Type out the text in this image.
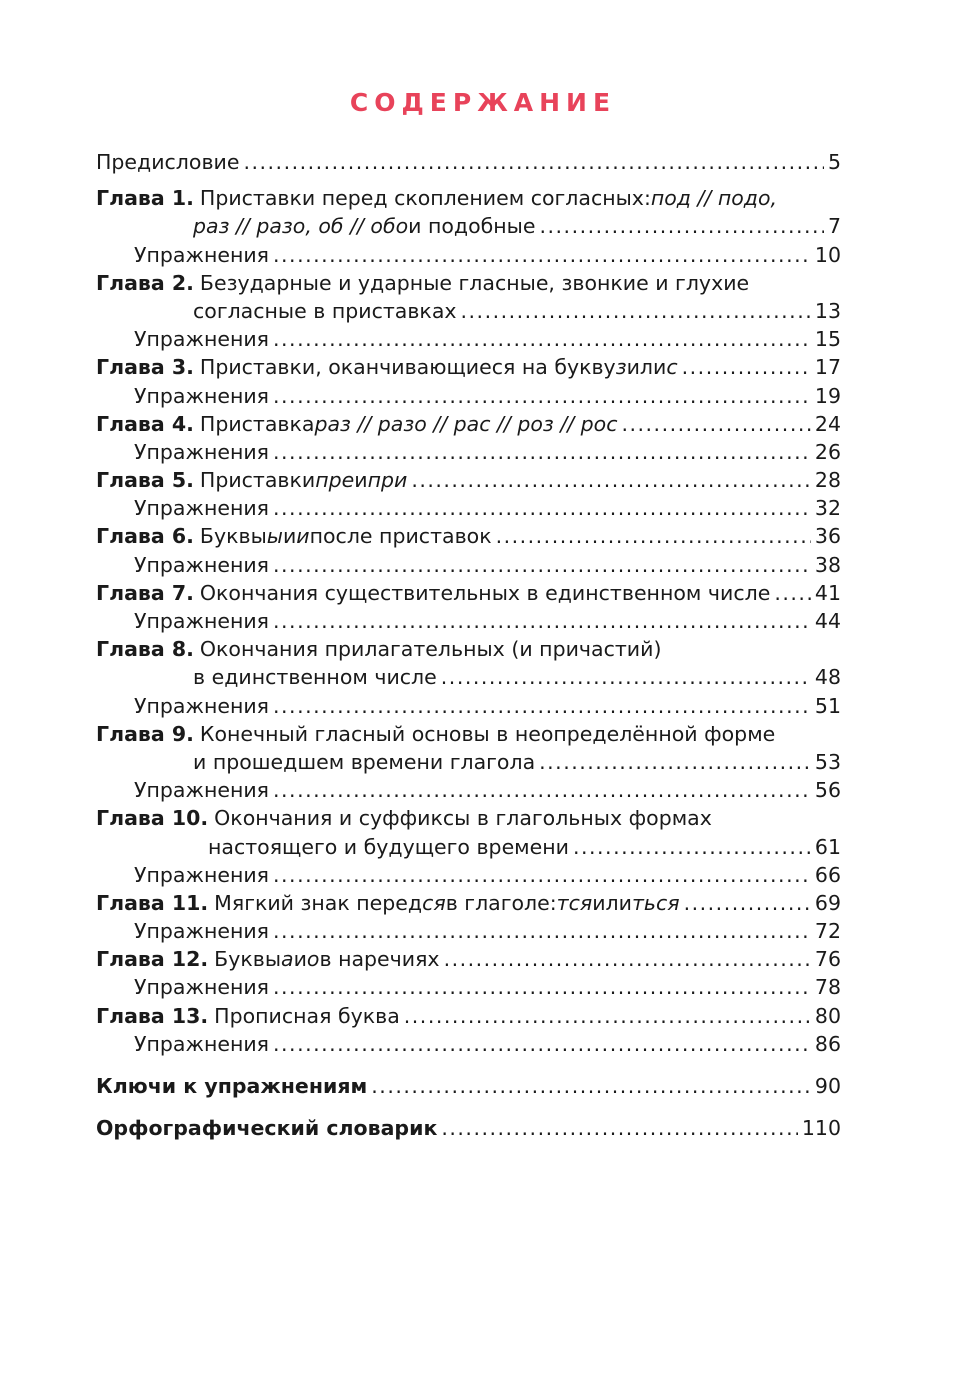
СОДЕРЖАНИЕ
Предисловие .....	5
Глава 1. Приставки перед скоплением согласных: под // подо,
раз // разо, об // обо и подобные .....	7
Упражнения .....	10
Глава 2. Безударные и ударные гласные, звонкие и глухие
согласные в приставках .....	13
Упражнения .....	15
Глава 3. Приставки, оканчивающиеся на букву з или с .....	17
Упражнения .....	19
Глава 4. Приставка раз // разо // рас // роз // рос .....	24
Упражнения .....	26
Глава 5. Приставки пре и при .....	28
Упражнения .....	32
Глава 6. Буквы ы и и после приставок .....	36
Упражнения .....	38
Глава 7. Окончания существительных в единственном числе ..... 41
Упражнения .....	44
Глава 8. Окончания прилагательных (и причастий)
в единственном числе .....	48
Упражнения .....	51
Глава 9. Конечный гласный основы в неопределённой форме
и прошедшем времени глагола .....	53
Упражнения .....	56
Глава 10. Окончания и суффиксы в глагольных формах
настоящего и будущего времени .....	61
Упражнения .....	66
Глава 11. Мягкий знак перед ся в глаголе: тся или ться .....	69
Упражнения .....	72
Глава 12. Буквы а и о в наречиях .....	76
Упражнения .....	78
Глава 13. Прописная буква .....	80
Упражнения .....	86
Ключи к упражнениям .....	90
Орфографический словарик .....	110
